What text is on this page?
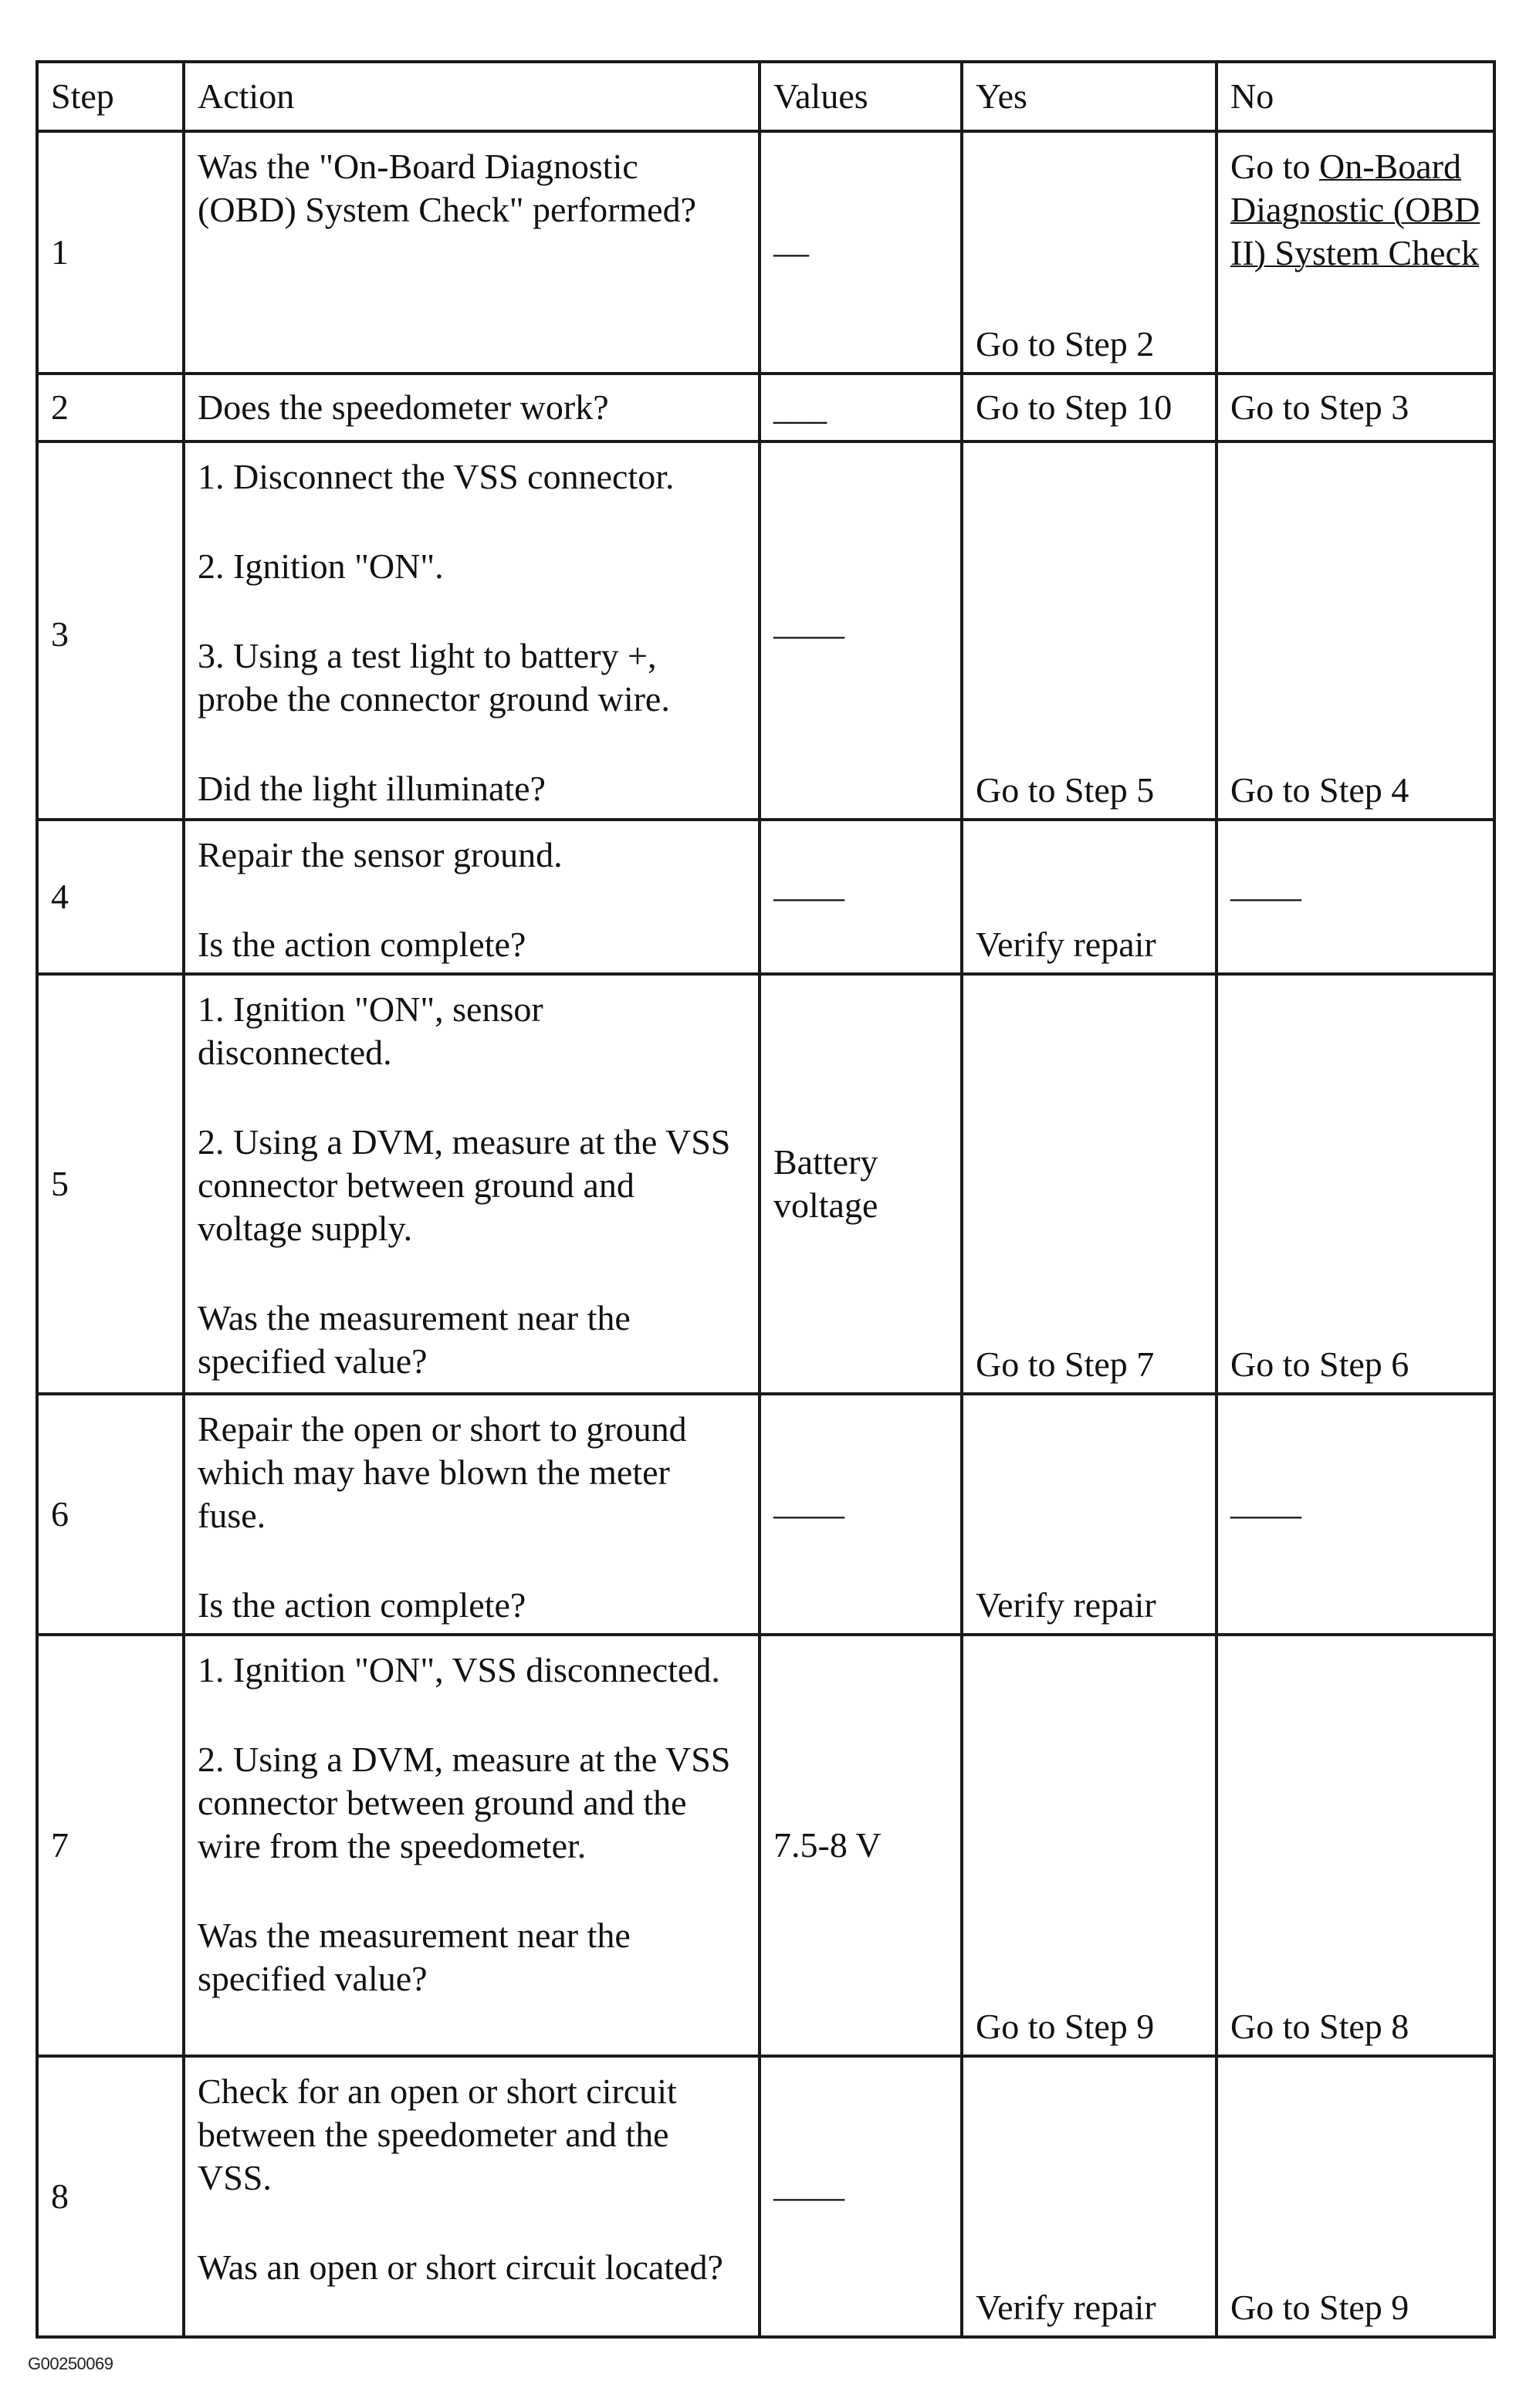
Step	Action	Values	Yes	No
1	Was the "On-Board Diagnostic (OBD) System Check" performed?	—	Go to Step 2	Go to On-Board Diagnostic (OBD II) System Check
2	Does the speedometer work?	___	Go to Step 10	Go to Step 3
3	1. Disconnect the VSS connector.

2. Ignition "ON".

3. Using a test light to battery +, probe the connector ground wire.

Did the light illuminate?	——	Go to Step 5	Go to Step 4
4	Repair the sensor ground.

Is the action complete?	——	Verify repair	——
5	1. Ignition "ON", sensor disconnected.

2. Using a DVM, measure at the VSS connector between ground and voltage supply.

Was the measurement near the specified value?	Battery voltage	Go to Step 7	Go to Step 6
6	Repair the open or short to ground which may have blown the meter fuse.

Is the action complete?	——	Verify repair	——
7	1. Ignition "ON", VSS disconnected.

2. Using a DVM, measure at the VSS connector between ground and the wire from the speedometer.

Was the measurement near the specified value?	7.5-8 V	Go to Step 9	Go to Step 8
8	Check for an open or short circuit between the speedometer and the VSS.

Was an open or short circuit located?	——	Verify repair	Go to Step 9
G00250069
